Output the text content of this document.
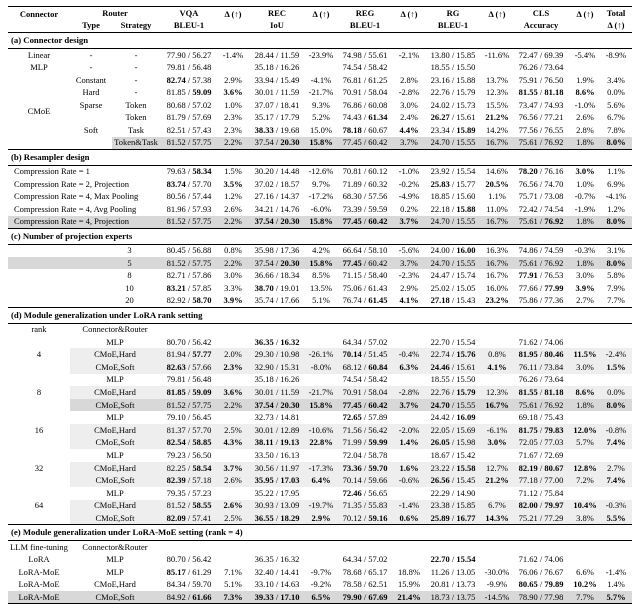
Connector	Router		VQA	Δ (↑)	REC	Δ (↑)	REG	Δ (↑)	RG	Δ (↑)	CLS	Δ (↑)	Total
	Type	Strategy	BLEU-1		IoU		BLEU-1		BLEU-1		Accuracy		Δ (↑)
(a) Connector design													
Linear	-	-	77.90 / 56.27	-1.4%	28.44 / 11.59	-23.9%	74.98 / 55.61	-2.1%	13.80 / 15.85	-11.6%	72.47 / 69.39	-5.4%	-8.9%
MLP	-	-	79.81 / 56.48		35.18 / 16.26		74.54 / 58.42		18.55 / 15.50		76.26 / 73.64		
CMoE	Constant	-	82.74 / 57.38	2.9%	33.94 / 15.49	-4.1%	76.81 / 61.25	2.8%	23.16 / 15.88	13.7%	75.91 / 76.50	1.9%	3.4%
	Hard	-	81.85 / 59.09	3.6%	30.01 / 11.59	-21.7%	70.91 / 58.04	-2.8%	22.76 / 15.79	12.3%	81.55 / 81.18	8.6%	0.0%
	Sparse	Token	80.68 / 57.02	1.0%	37.07 / 18.41	9.3%	76.86 / 60.08	3.0%	24.02 / 15.73	15.5%	73.47 / 74.93	-1.0%	5.6%
	Soft	Token	81.79 / 57.69	2.3%	35.17 / 17.79	5.2%	74.43 / 61.34	2.4%	26.27 / 15.61	21.2%	76.56 / 77.21	2.6%	6.7%
		Task	82.51 / 57.43	2.3%	38.33 / 19.68	15.0%	78.18 / 60.67	4.4%	23.34 / 15.89	14.2%	77.56 / 76.55	2.8%	7.8%
		Token&Task	81.52 / 57.75	2.2%	37.54 / 20.30	15.8%	77.45 / 60.42	3.7%	24.70 / 15.55	16.7%	75.61 / 76.92	1.8%	8.0%
(b) Resampler design													
Compression Rate = 1			79.63 / 58.34	1.5%	30.20 / 14.48	-12.6%	70.81 / 60.12	-1.0%	23.92 / 15.54	14.6%	78.20 / 76.16	3.0%	1.1%
Compression Rate = 2, Projection			83.74 / 57.70	3.5%	37.02 / 18.57	9.7%	71.89 / 60.32	-0.2%	25.83 / 15.77	20.5%	76.56 / 74.70	1.0%	6.9%
Compression Rate = 4, Max Pooling			80.56 / 57.44	1.2%	27.16 / 14.37	-17.2%	68.30 / 57.56	-4.9%	18.85 / 15.60	1.1%	75.71 / 73.08	-0.7%	-4.1%
Compression Rate = 4, Avg Pooling			81.96 / 57.93	2.6%	34.21 / 14.76	-6.0%	73.39 / 59.59	0.2%	22.18 / 15.88	11.0%	72.42 / 74.54	-1.9%	1.2%
Compression Rate = 4, Projection			81.52 / 57.75	2.2%	37.54 / 20.30	15.8%	77.45 / 60.42	3.7%	24.70 / 15.55	16.7%	75.61 / 76.92	1.8%	8.0%
(c) Number of projection experts													
3			80.45 / 56.88	0.8%	35.98 / 17.36	4.2%	66.64 / 58.10	-5.6%	24.00 / 16.00	16.3%	74.86 / 74.59	-0.3%	3.1%
5			81.52 / 57.75	2.2%	37.54 / 20.30	15.8%	77.45 / 60.42	3.7%	24.70 / 15.55	16.7%	75.61 / 76.92	1.8%	8.0%
8			82.71 / 57.86	3.0%	36.66 / 18.34	8.5%	71.15 / 58.40	-2.3%	24.47 / 15.74	16.7%	77.91 / 76.53	3.0%	5.8%
10			83.21 / 57.85	3.3%	38.70 / 19.01	13.5%	75.06 / 61.43	2.9%	25.02 / 15.05	16.0%	77.66 / 77.99	3.9%	7.9%
20			82.92 / 58.70	3.9%	35.74 / 17.66	5.1%	76.74 / 61.45	4.1%	27.18 / 15.43	23.2%	75.86 / 77.36	2.7%	7.7%
(d) Module generalization under LoRA rank setting													
rank	Connector&Router												
4	MLP		80.70 / 56.42		36.35 / 16.32		64.34 / 57.02		22.70 / 15.54		71.62 / 74.06		
	CMoE,Hard		81.94 / 57.77	2.0%	29.30 / 10.98	-26.1%	70.14 / 51.45	-0.4%	22.74 / 15.76	0.8%	81.95 / 80.46	11.5%	-2.4%
	CMoE,Soft		82.63 / 57.66	2.3%	32.90 / 15.31	-8.0%	68.12 / 60.84	6.3%	24.46 / 15.61	4.1%	76.11 / 73.84	3.0%	1.5%
8	MLP		79.81 / 56.48		35.18 / 16.26		74.54 / 58.42		18.55 / 15.50		76.26 / 73.64		
	CMoE,Hard		81.85 / 59.09	3.6%	30.01 / 11.59	-21.7%	70.91 / 58.04	-2.8%	22.76 / 15.79	12.3%	81.55 / 81.18	8.6%	0.0%
	CMoE,Soft		81.52 / 57.75	2.2%	37.54 / 20.30	15.8%	77.45 / 60.42	3.7%	24.70 / 15.55	16.7%	75.61 / 76.92	1.8%	8.0%
16	MLP		79.10 / 56.45		32.73 / 14.81		72.65 / 57.89		24.42 / 16.09		69.18 / 75.43		
	CMoE,Hard		81.37 / 57.70	2.5%	30.01 / 12.89	-10.6%	71.56 / 56.42	-2.0%	22.05 / 15.69	-6.1%	81.75 / 79.83	12.0%	-0.8%
	CMoE,Soft		82.54 / 58.85	4.3%	38.11 / 19.13	22.8%	71.99 / 59.99	1.4%	26.05 / 15.98	3.0%	72.05 / 77.03	5.7%	7.4%
32	MLP		79.23 / 56.50		33.50 / 16.13		72.04 / 58.78		18.67 / 15.42		71.67 / 72.69		
	CMoE,Hard		82.25 / 58.54	3.7%	30.56 / 11.97	-17.3%	73.36 / 59.70	1.6%	23.22 / 15.58	12.7%	82.19 / 80.67	12.8%	2.7%
	CMoE,Soft		82.39 / 57.18	2.6%	35.95 / 17.03	6.4%	70.14 / 59.66	-0.6%	26.56 / 15.45	21.2%	77.18 / 77.00	7.2%	7.4%
64	MLP		79.35 / 57.23		35.22 / 17.95		72.46 / 56.65		22.29 / 14.90		71.12 / 75.84		
	CMoE,Hard		81.52 / 58.55	2.6%	30.93 / 13.09	-19.7%	71.35 / 55.83	-1.4%	23.38 / 15.85	6.7%	82.00 / 79.97	10.4%	-0.3%
	CMoE,Soft		82.09 / 57.41	2.5%	36.55 / 18.29	2.9%	70.12 / 59.16	0.6%	25.89 / 16.77	14.3%	75.21 / 77.29	3.8%	5.5%
(e) Module generalization under LoRA-MoE setting (rank = 4)													
LLM fine-tuning	Connector&Router												
LoRA	MLP		80.70 / 56.42		36.35 / 16.32		64.34 / 57.02		22.70 / 15.54		71.62 / 74.06		
LoRA-MoE	MLP		85.17 / 61.29	7.1%	32.40 / 14.41	-9.7%	78.68 / 65.17	18.8%	11.26 / 13.05	-30.0%	76.06 / 76.67	6.6%	-1.4%
LoRA-MoE	CMoE,Hard		84.34 / 59.70	5.1%	33.10 / 14.63	-9.2%	78.58 / 62.51	15.9%	20.81 / 13.73	-9.9%	80.65 / 79.89	10.2%	1.4%
LoRA-MoE	CMoE,Soft		84.92 / 61.66	7.3%	39.33 / 17.10	6.5%	79.90 / 67.69	21.4%	18.73 / 13.75	-14.5%	78.90 / 77.98	7.7%	5.7%
